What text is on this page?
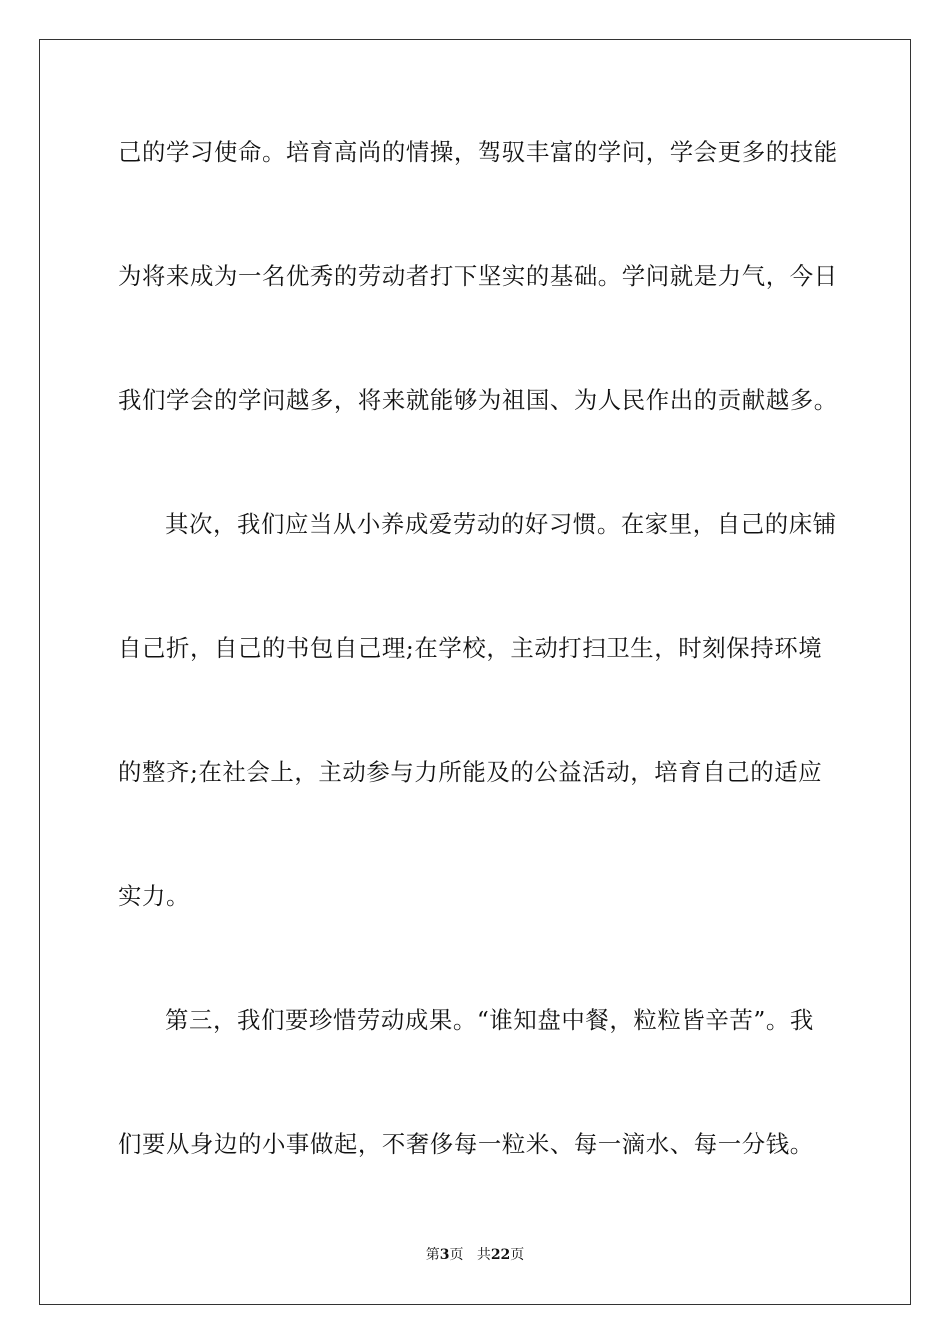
己的学习使命。培育高尚的情操，驾驭丰富的学问，学会更多的技能
为将来成为一名优秀的劳动者打下坚实的基础。学问就是力气，今日
我们学会的学问越多，将来就能够为祖国、为人民作出的贡献越多。
其次，我们应当从小养成爱劳动的好习惯。在家里，自己的床铺
自己折，自己的书包自己理;在学校，主动打扫卫生，时刻保持环境
的整齐;在社会上，主动参与力所能及的公益活动，培育自己的适应
实力。
第三，我们要珍惜劳动成果。“谁知盘中餐，粒粒皆辛苦”。我
们要从身边的小事做起，不奢侈每一粒米、每一滴水、每一分钱。
第3页 共22页
